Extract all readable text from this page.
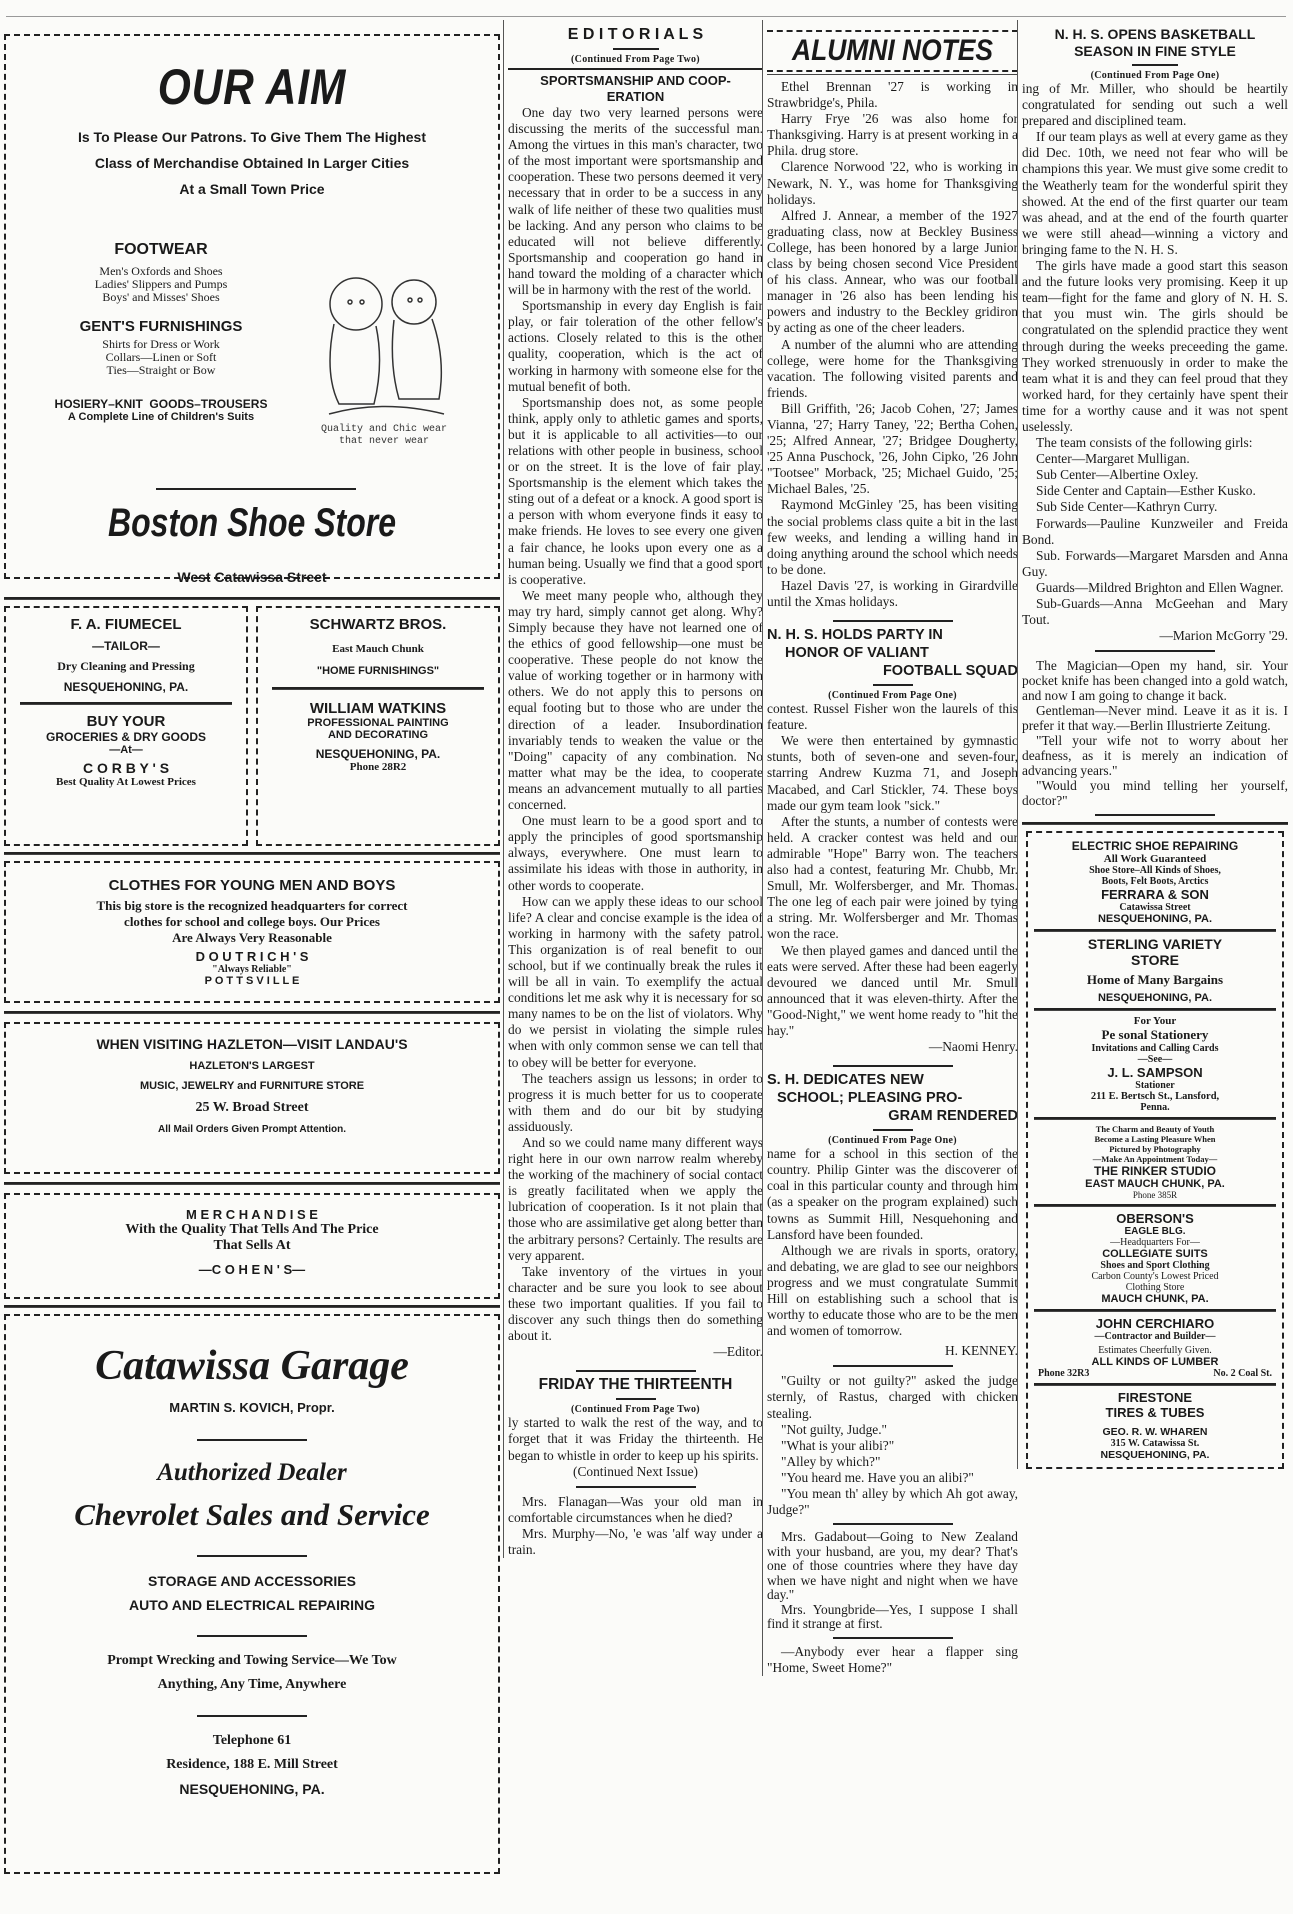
OUR AIM
Is To Please Our Patrons. To Give Them The Highest
Class of Merchandise Obtained In Larger Cities
At a Small Town Price
FOOTWEAR
Men's Oxfords and Shoes
Ladies' Slippers and Pumps
Boys' and Misses' Shoes
GENT'S FURNISHINGS
Shirts for Dress or Work
Collars—Linen or Soft
Ties—Straight or Bow
HOSIERY–KNIT  GOODS–TROUSERS
A Complete Line of Children's Suits
Quality and Chic wear
that never wear
Boston Shoe Store
West Catawissa Street
F. A. FIUMECEL
—TAILOR—
Dry Cleaning and Pressing
NESQUEHONING, PA.
BUY YOUR
GROCERIES & DRY GOODS
—At—
C O R B Y ' S
Best Quality At Lowest Prices
SCHWARTZ BROS.
East Mauch Chunk
"HOME FURNISHINGS"
WILLIAM WATKINS
PROFESSIONAL PAINTING
AND DECORATING
NESQUEHONING, PA.
Phone 28R2
CLOTHES FOR YOUNG MEN AND BOYS
This big store is the recognized headquarters for correct
clothes for school and college boys. Our Prices
Are Always Very Reasonable
D O U T R I C H ' S
"Always Reliable"
P O T T S V I L L E
WHEN VISITING HAZLETON—VISIT LANDAU'S
HAZLETON'S LARGEST
MUSIC, JEWELRY and FURNITURE STORE
25 W. Broad Street
All Mail Orders Given Prompt Attention.
M E R C H A N D I S E
With the Quality That Tells And The Price
That Sells At
—C O H E N ' S—
Catawissa Garage
MARTIN S. KOVICH, Propr.
Authorized Dealer
Chevrolet Sales and Service
STORAGE AND ACCESSORIES
AUTO AND ELECTRICAL REPAIRING
Prompt Wrecking and Towing Service—We Tow
Anything, Any Time, Anywhere
Telephone 61
Residence, 188 E. Mill Street
NESQUEHONING, PA.
E D I T O R I A L S
(Continued From Page Two)
SPORTSMANSHIP AND COOP-ERATION

One day two very learned persons were discussing the merits of the successful man. Among the virtues in this man's character, two of the most important were sportsmanship and cooperation. These two persons deemed it very necessary that in order to be a success in any walk of life neither of these two qualities must be lacking. And any person who claims to be educated will not believe differently. Sportsmanship and cooperation go hand in hand toward the molding of a character which will be in harmony with the rest of the world.

Sportsmanship in every day English is fair play, or fair toleration of the other fellow's actions. Closely related to this is the other quality, cooperation, which is the act of working in harmony with someone else for the mutual benefit of both.

Sportsmanship does not, as some people think, apply only to athletic games and sports, but it is applicable to all activities—to our relations with other people in business, school or on the street. It is the love of fair play. Sportsmanship is the element which takes the sting out of a defeat or a knock. A good sport is a person with whom everyone finds it easy to make friends. He loves to see every one given a fair chance, he looks upon every one as a human being. Usually we find that a good sport is cooperative.

We meet many people who, although they may try hard, simply cannot get along. Why? Simply because they have not learned one of the ethics of good fellowship—one must be cooperative. These people do not know the value of working together or in harmony with others. We do not apply this to persons on equal footing but to those who are under the direction of a leader. Insubordination invariably tends to weaken the value or the "Doing" capacity of any combination. No matter what may be the idea, to cooperate means an advancement mutually to all parties concerned.

One must learn to be a good sport and to apply the principles of good sportsmanship always, everywhere. One must learn to assimilate his ideas with those in authority, in other words to cooperate.

How can we apply these ideas to our school life? A clear and concise example is the idea of working in harmony with the safety patrol. This organization is of real benefit to our school, but if we continually break the rules it will be all in vain. To exemplify the actual conditions let me ask why it is necessary for so many names to be on the list of violators. Why do we persist in violating the simple rules when with only common sense we can tell that to obey will be better for everyone.

The teachers assign us lessons; in order to progress it is much better for us to cooperate with them and do our bit by studying assiduously.

And so we could name many different ways right here in our own narrow realm whereby the working of the machinery of social contact is greatly facilitated when we apply the lubrication of cooperation. Is it not plain that those who are assimilative get along better than the arbitrary persons? Certainly. The results are very apparent.

Take inventory of the virtues in your character and be sure you look to see about these two important qualities. If you fail to discover any such things then do something about it.

—Editor.

FRIDAY THE THIRTEENTH
(Continued From Page Two)

ly started to walk the rest of the way, and to forget that it was Friday the thirteenth. He began to whistle in order to keep up his spirits.

(Continued Next Issue)

Mrs. Flanagan—Was your old man in comfortable circumstances when he died?

Mrs. Murphy—No, 'e was 'alf way under a train.

ALUMNI NOTES

Ethel Brennan '27 is working in Strawbridge's, Phila.

Harry Frye '26 was also home for Thanksgiving. Harry is at present working in a Phila. drug store.

Clarence Norwood '22, who is working in Newark, N. Y., was home for Thanksgiving holidays.

Alfred J. Annear, a member of the 1927 graduating class, now at Beckley Business College, has been honored by a large Junior class by being chosen second Vice President of his class. Annear, who was our football manager in '26 also has been lending his powers and industry to the Beckley gridiron by acting as one of the cheer leaders.

A number of the alumni who are attending college, were home for the Thanksgiving vacation. The following visited parents and friends.

Bill Griffith, '26; Jacob Cohen, '27; James Vianna, '27; Harry Taney, '22; Bertha Cohen, '25; Alfred Annear, '27; Bridgee Dougherty, '25 Anna Puschock, '26, John Cipko, '26 John "Tootsee" Morback, '25; Michael Guido, '25; Michael Bales, '25.

Raymond McGinley '25, has been visiting the social problems class quite a bit in the last few weeks, and lending a willing hand in doing anything around the school which needs to be done.

Hazel Davis '27, is working in Girardville until the Xmas holidays.

N. H. S. HOLDS PARTY IN
HONOR OF VALIANT
FOOTBALL SQUAD
(Continued From Page One)

contest. Russel Fisher won the laurels of this feature.

We were then entertained by gymnastic stunts, both of seven-one and seven-four, starring Andrew Kuzma 71, and Joseph Macabed, and Carl Stickler, 74. These boys made our gym team look "sick."

After the stunts, a number of contests were held. A cracker contest was held and our admirable "Hope" Barry won. The teachers also had a contest, featuring Mr. Chubb, Mr. Smull, Mr. Wolfersberger, and Mr. Thomas. The one leg of each pair were joined by tying a string. Mr. Wolfersberger and Mr. Thomas won the race.

We then played games and danced until the eats were served. After these had been eagerly devoured we danced until Mr. Smull announced that it was eleven-thirty. After the "Good-Night," we went home ready to "hit the hay."

—Naomi Henry.

S. H. DEDICATES NEW
SCHOOL; PLEASING PRO-
GRAM RENDERED
(Continued From Page One)

name for a school in this section of the country. Philip Ginter was the discoverer of coal in this particular county and through him (as a speaker on the program explained) such towns as Summit Hill, Nesquehoning and Lansford have been founded.

Although we are rivals in sports, oratory, and debating, we are glad to see our neighbors progress and we must congratulate Summit Hill on establishing such a school that is worthy to educate those who are to be the men and women of tomorrow.

H. KENNEY.

"Guilty or not guilty?" asked the judge sternly, of Rastus, charged with chicken stealing.

"Not guilty, Judge."

"What is your alibi?"

"Alley by which?"

"You heard me. Have you an alibi?"

"You mean th' alley by which Ah got away, Judge?"

Mrs. Gadabout—Going to New Zealand with your husband, are you, my dear? That's one of those countries where they have day when we have night and night when we have day."

Mrs. Youngbride—Yes, I suppose I shall find it strange at first.

—Anybody ever hear a flapper sing "Home, Sweet Home?"

N. H. S. OPENS BASKETBALL
SEASON IN FINE STYLE
(Continued From Page One)

ing of Mr. Miller, who should be heartily congratulated for sending out such a well prepared and disciplined team.

If our team plays as well at every game as they did Dec. 10th, we need not fear who will be champions this year. We must give some credit to the Weatherly team for the wonderful spirit they showed. At the end of the first quarter our team was ahead, and at the end of the fourth quarter we were still ahead—winning a victory and bringing fame to the N. H. S.

The girls have made a good start this season and the future looks very promising. Keep it up team—fight for the fame and glory of N. H. S. that you must win. The girls should be congratulated on the splendid practice they went through during the weeks preceeding the game. They worked strenuously in order to make the team what it is and they can feel proud that they worked hard, for they certainly have spent their time for a worthy cause and it was not spent uselessly.

The team consists of the following girls:

Center—Margaret Mulligan.

Sub Center—Albertine Oxley.

Side Center and Captain—Esther Kusko.

Sub Side Center—Kathryn Curry.

Forwards—Pauline Kunzweiler and Freida Bond.

Sub. Forwards—Margaret Marsden and Anna Guy.

Guards—Mildred Brighton and Ellen Wagner.

Sub-Guards—Anna McGeehan and Mary Tout.

—Marion McGorry '29.

The Magician—Open my hand, sir. Your pocket knife has been changed into a gold watch, and now I am going to change it back.

Gentleman—Never mind. Leave it as it is. I prefer it that way.—Berlin Illustrierte Zeitung.

"Tell your wife not to worry about her deafness, as it is merely an indication of advancing years."

"Would you mind telling her yourself, doctor?"

ELECTRIC SHOE REPAIRING
All Work Guaranteed
Shoe Store–All Kinds of Shoes,
Boots, Felt Boots, Arctics
FERRARA & SON
Catawissa Street
NESQUEHONING, PA.
STERLING VARIETY
STORE
Home of Many Bargains
NESQUEHONING, PA.
For Your
Pe sonal Stationery
Invitations and Calling Cards
—See—
J. L. SAMPSON
Stationer
211 E. Bertsch St., Lansford,
Penna.
The Charm and Beauty of Youth
Become a Lasting Pleasure When
Pictured by Photography
—Make An Appointment Today—
THE RINKER STUDIO
EAST MAUCH CHUNK, PA.
Phone 385R
OBERSON'S
EAGLE BLG.
—Headquarters For—
COLLEGIATE SUITS
Shoes and Sport Clothing
Carbon County's Lowest Priced
Clothing Store
MAUCH CHUNK, PA.
JOHN CERCHIARO
—Contractor and Builder—
Estimates Cheerfully Given.
ALL KINDS OF LUMBER
Phone 32R3	No. 2 Coal St.
FIRESTONE
TIRES & TUBES
GEO. R. W. WHAREN
315 W. Catawissa St.
NESQUEHONING, PA.
